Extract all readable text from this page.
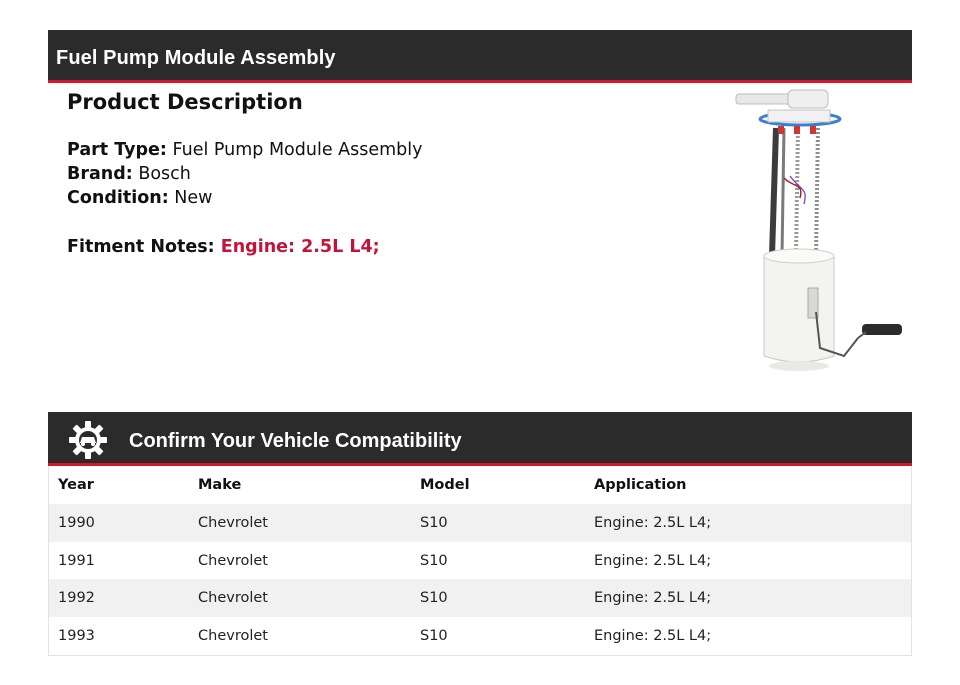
Fuel Pump Module Assembly
Product Description
Part Type: Fuel Pump Module Assembly
Brand: Bosch
Condition: New
Fitment Notes: Engine: 2.5L L4;
Confirm Your Vehicle Compatibility
Year	Make	Model	Application
1990	Chevrolet	S10	Engine: 2.5L L4;
1991	Chevrolet	S10	Engine: 2.5L L4;
1992	Chevrolet	S10	Engine: 2.5L L4;
1993	Chevrolet	S10	Engine: 2.5L L4;
